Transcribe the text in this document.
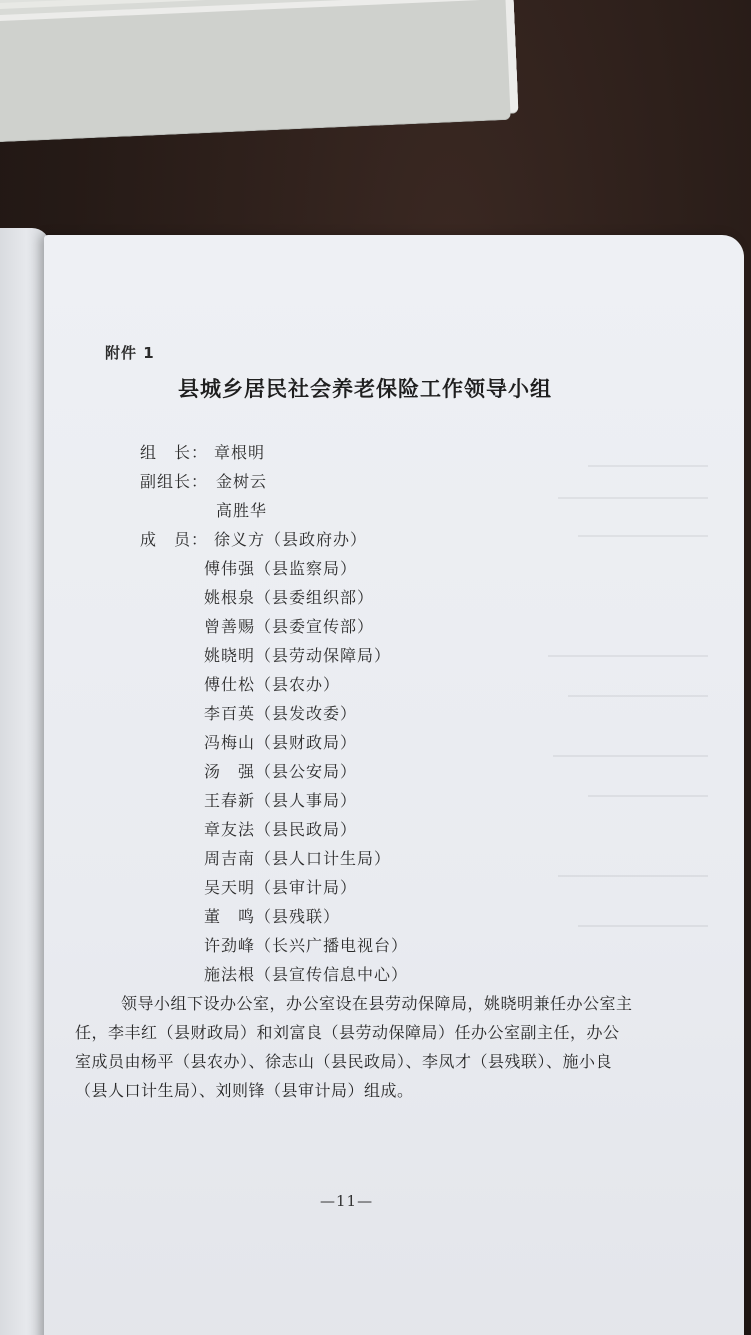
附件 1
县城乡居民社会养老保险工作领导小组
组　长： 章根明
副组长： 金树云
高胜华
成　员： 徐义方（县政府办）
傅伟强（县监察局）
姚根泉（县委组织部）
曾善赐（县委宣传部）
姚晓明（县劳动保障局）
傅仕松（县农办）
李百英（县发改委）
冯梅山（县财政局）
汤　强（县公安局）
王春新（县人事局）
章友法（县民政局）
周吉南（县人口计生局）
吴天明（县审计局）
董　鸣（县残联）
许劲峰（长兴广播电视台）
施法根（县宣传信息中心）
领导小组下设办公室，办公室设在县劳动保障局，姚晓明兼任办公室主任，李丰红（县财政局）和刘富良（县劳动保障局）任办公室副主任，办公室成员由杨平（县农办）、徐志山（县民政局）、李凤才（县残联）、施小良（县人口计生局）、刘则锋（县审计局）组成。
—11—
